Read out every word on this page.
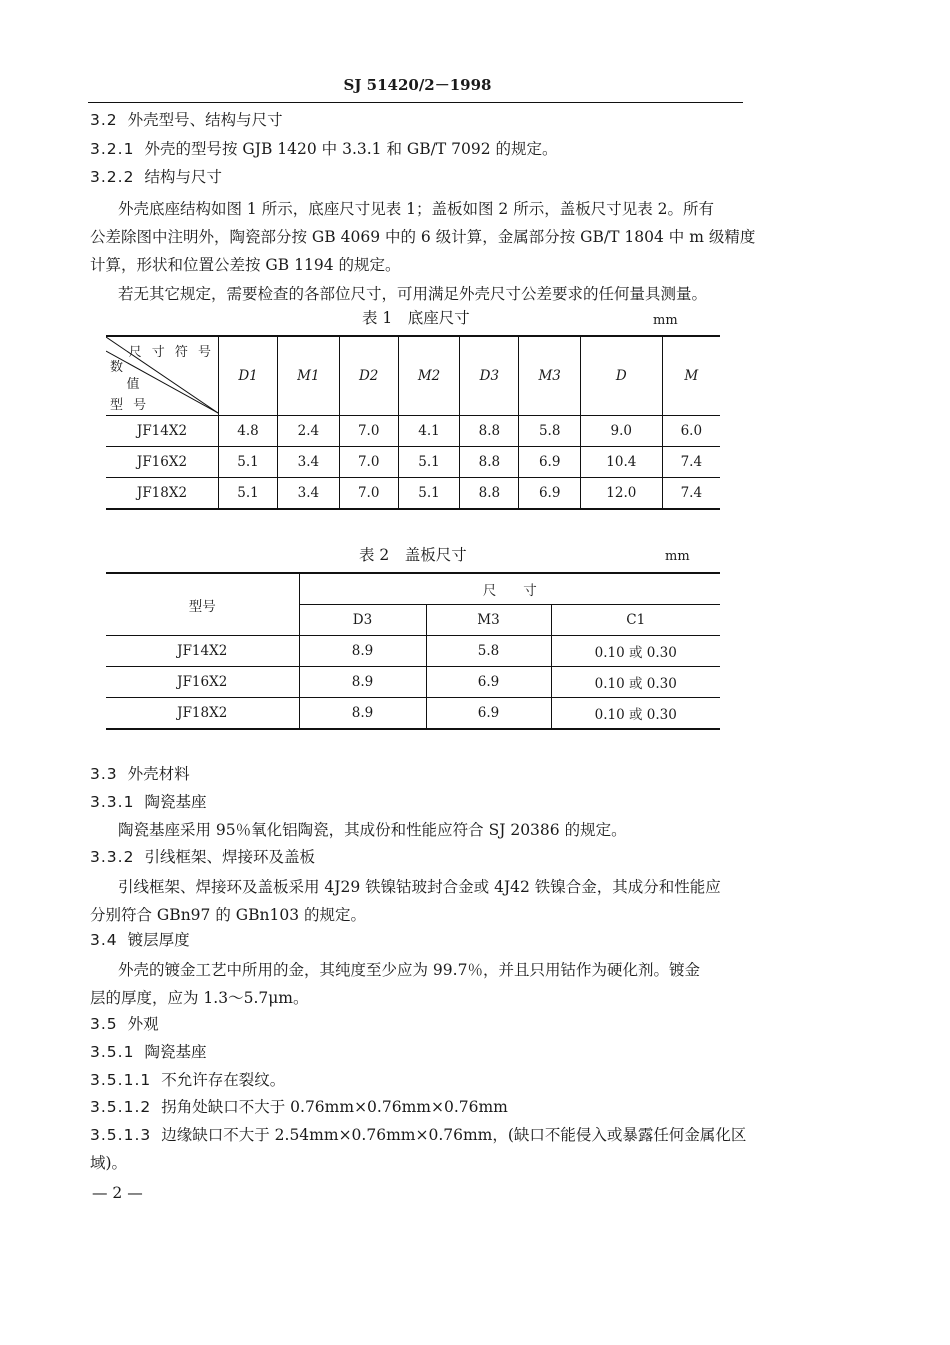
SJ 51420/2－1998
3.2 外壳型号、结构与尺寸
3.2.1 外壳的型号按 GJB 1420 中 3.3.1 和 GB/T 7092 的规定。
3.2.2 结构与尺寸
外壳底座结构如图 1 所示，底座尺寸见表 1；盖板如图 2 所示，盖板尺寸见表 2。所有
公差除图中注明外，陶瓷部分按 GB 4069 中的 6 级计算，金属部分按 GB/T 1804 中 m 级精度
计算，形状和位置公差按 GB 1194 的规定。
若无其它规定，需要检查的各部位尺寸，可用满足外壳尺寸公差要求的任何量具测量。
表 1　底座尺寸	mm
尺 寸 符 号
数
值
型 号	D1	M1	D2	M2	D3	M3	D	M
JF14X2	4.8	2.4	7.0	4.1	8.8	5.8	9.0	6.0
JF16X2	5.1	3.4	7.0	5.1	8.8	6.9	10.4	7.4
JF18X2	5.1	3.4	7.0	5.1	8.8	6.9	12.0	7.4
表 2　盖板尺寸	mm
型号	尺　　寸		
	D3	M3	C1
JF14X2	8.9	5.8	0.10 或 0.30
JF16X2	8.9	6.9	0.10 或 0.30
JF18X2	8.9	6.9	0.10 或 0.30
3.3 外壳材料
3.3.1 陶瓷基座
陶瓷基座采用 95％氧化铝陶瓷，其成份和性能应符合 SJ 20386 的规定。
3.3.2 引线框架、焊接环及盖板
引线框架、焊接环及盖板采用 4J29 铁镍钴玻封合金或 4J42 铁镍合金，其成分和性能应
分别符合 GBn97 的 GBn103 的规定。
3.4 镀层厚度
外壳的镀金工艺中所用的金，其纯度至少应为 99.7％，并且只用钴作为硬化剂。镀金
层的厚度，应为 1.3～5.7μm。
3.5 外观
3.5.1 陶瓷基座
3.5.1.1 不允许存在裂纹。
3.5.1.2 拐角处缺口不大于 0.76mm×0.76mm×0.76mm
3.5.1.3 边缘缺口不大于 2.54mm×0.76mm×0.76mm，(缺口不能侵入或暴露任何金属化区
域)。
— 2 —
